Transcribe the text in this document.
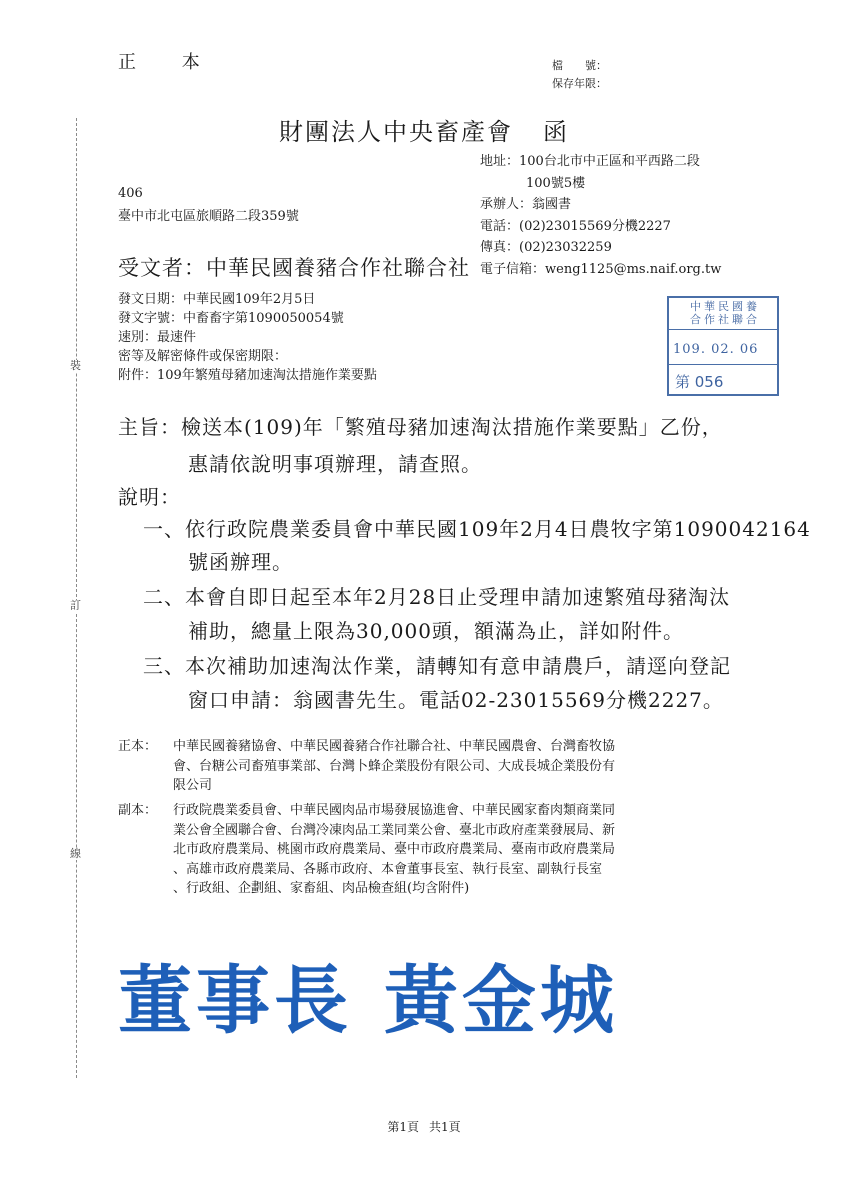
裝
訂
線
正 本	檔　　號：
保存年限：
財團法人中央畜產會 函
地址：100台北市中正區和平西路二段
100號5樓
承辦人：翁國書
電話：(02)23015569分機2227
傳真：(02)23032259
電子信箱：weng1125@ms.naif.org.tw
406
臺中市北屯區旅順路二段359號
受文者：中華民國養豬合作社聯合社
發文日期：中華民國109年2月5日
發文字號：中畜畜字第1090050054號
速別：最速件
密等及解密條件或保密期限：
附件：109年繁殖母豬加速淘汰措施作業要點
中華民國養
合作社聯合
109. 02. 06
第 056
主旨：檢送本(109)年「繁殖母豬加速淘汰措施作業要點」乙份，
惠請依說明事項辦理，請查照。
說明：
一、依行政院農業委員會中華民國109年2月4日農牧字第1090042164
號函辦理。
二、本會自即日起至本年2月28日止受理申請加速繁殖母豬淘汰
補助，總量上限為30,000頭，額滿為止，詳如附件。
三、本次補助加速淘汰作業，請轉知有意申請農戶，請逕向登記
窗口申請：翁國書先生。電話02-23015569分機2227。
正本： 中華民國養豬協會、中華民國養豬合作社聯合社、中華民國農會、台灣畜牧協
會、台糖公司畜殖事業部、台灣卜蜂企業股份有限公司、大成長城企業股份有
限公司
副本： 行政院農業委員會、中華民國肉品市場發展協進會、中華民國家畜肉類商業同
業公會全國聯合會、台灣冷凍肉品工業同業公會、臺北市政府產業發展局、新
北市政府農業局、桃園市政府農業局、臺中市政府農業局、臺南市政府農業局
、高雄市政府農業局、各縣市政府、本會董事長室、執行長室、副執行長室
、行政組、企劃組、家畜組、肉品檢查組(均含附件)
董事長 黃金城
第1頁 共1頁
